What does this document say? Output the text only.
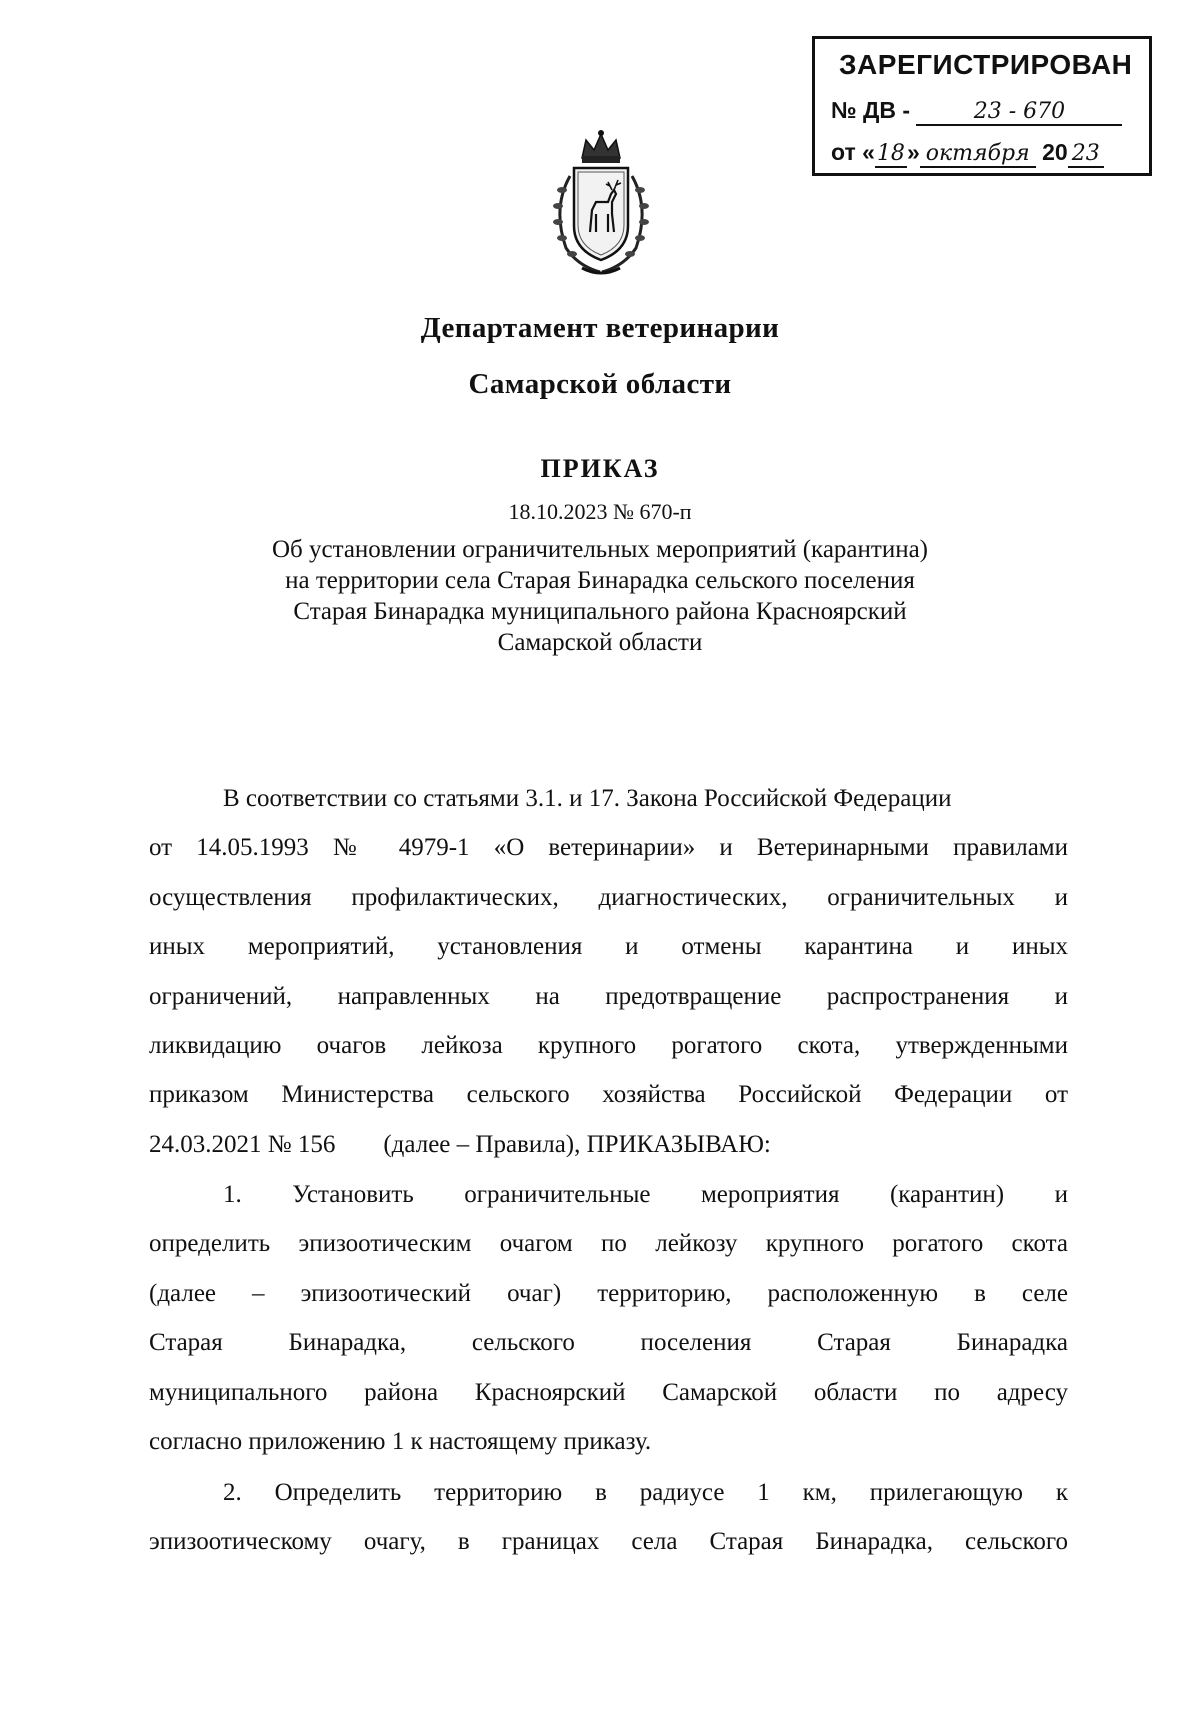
ЗАРЕГИСТРИРОВАН
№ ДВ -	23 - 670
от «18» октября 20 23
Департамент ветеринарии
Самарской области
ПРИКАЗ
18.10.2023 № 670-п
Об установлении ограничительных мероприятий (карантина)
на территории села Старая Бинарадка сельского поселения
Старая Бинарадка муниципального района Красноярский
Самарской области
В соответствии со статьями 3.1. и 17. Закона Российской Федерации
от 14.05.1993 № 4979-1 «О ветеринарии» и Ветеринарными правилами
осуществления профилактических, диагностических, ограничительных и
иных мероприятий, установления и отмены карантина и иных
ограничений, направленных на предотвращение распространения и
ликвидацию очагов лейкоза крупного рогатого скота, утвержденными
приказом Министерства сельского хозяйства Российской Федерации от
24.03.2021 № 156 (далее – Правила), ПРИКАЗЫВАЮ:
1. Установить ограничительные мероприятия (карантин) и
определить эпизоотическим очагом по лейкозу крупного рогатого скота
(далее – эпизоотический очаг) территорию, расположенную в селе
Старая Бинарадка, сельского поселения Старая Бинарадка
муниципального района Красноярский Самарской области по адресу
согласно приложению 1 к настоящему приказу.
2. Определить территорию в радиусе 1 км, прилегающую к
эпизоотическому очагу, в границах села Старая Бинарадка, сельского
